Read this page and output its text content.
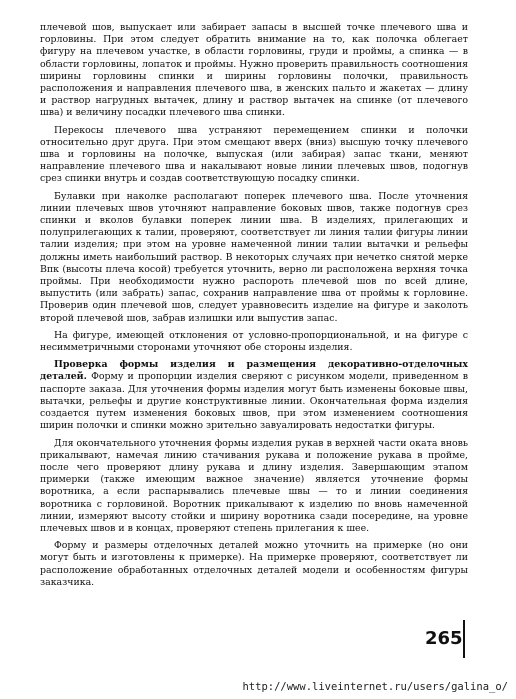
плечевой шов, выпускает или забирает запасы в высшей точке плечевого шва и горловины. При этом следует обратить внимание на то, как полочка облегает фигуру на плечевом участке, в области горловины, груди и проймы, а спинка — в области горловины, лопаток и проймы. Нужно проверить правильность соотношения ширины горловины спинки и ширины горловины полочки, правильность расположения и направления плечевого шва, в женских пальто и жакетах — длину и раствор нагрудных вытачек, длину и раствор вытачек на спинке (от плечевого шва) и величину посадки плечевого шва спинки.

Перекосы плечевого шва устраняют перемещением спинки и полочки относительно друг друга. При этом смещают вверх (вниз) высшую точку плечевого шва и горловины на полочке, выпуская (или забирая) запас ткани, меняют направление плечевого шва и накалывают новые линии плечевых швов, подогнув срез спинки внутрь и создав соответствующую посадку спинки.

Булавки при наколке располагают поперек плечевого шва. После уточнения линии плечевых швов уточняют направление боковых швов, также подогнув срез спинки и вколов булавки поперек линии шва. В изделиях, прилегающих и полуприлегающих к талии, проверяют, соответствует ли линия талии фигуры линии талии изделия; при этом на уровне намеченной линии талии вытачки и рельефы должны иметь наибольший раствор. В некоторых случаях при нечетко снятой мерке Впк (высоты плеча косой) требуется уточнить, верно ли расположена верхняя точка проймы. При необходимости нужно распороть плечевой шов по всей длине, выпустить (или забрать) запас, сохранив направление шва от проймы к горловине. Проверив один плечевой шов, следует уравновесить изделие на фигуре и заколоть второй плечевой шов, забрав излишки или выпустив запас.

На фигуре, имеющей отклонения от условно-пропорциональной, и на фигуре с несимметричными сторонами уточняют обе стороны изделия.

Проверка формы изделия и размещения декоративно-отделочных деталей. Форму и пропорции изделия сверяют с рисунком модели, приведенном в паспорте заказа. Для уточнения формы изделия могут быть изменены боковые швы, вытачки, рельефы и другие конструктивные линии. Окончательная форма изделия создается путем изменения боковых швов, при этом изменением соотношения ширин полочки и спинки можно зрительно завуалировать недостатки фигуры.

Для окончательного уточнения формы изделия рукав в верхней части оката вновь прикалывают, намечая линию стачивания рукава и положение рукава в пройме, после чего проверяют длину рукава и длину изделия. Завершающим этапом примерки (также имеющим важное значение) является уточнение формы воротника, а если распарывались плечевые швы — то и линии соединения воротника с горловиной. Воротник прикалывают к изделию по вновь намеченной линии, измеряют высоту стойки и ширину воротника сзади посередине, на уровне плечевых швов и в концах, проверяют степень прилегания к шее.

Форму и размеры отделочных деталей можно уточнить на примерке (но они могут быть и изготовлены к примерке). На примерке проверяют, соответствует ли расположение обработанных отделочных деталей модели и особенностям фигуры заказчика.

265
http://www.liveinternet.ru/users/galina_o/
